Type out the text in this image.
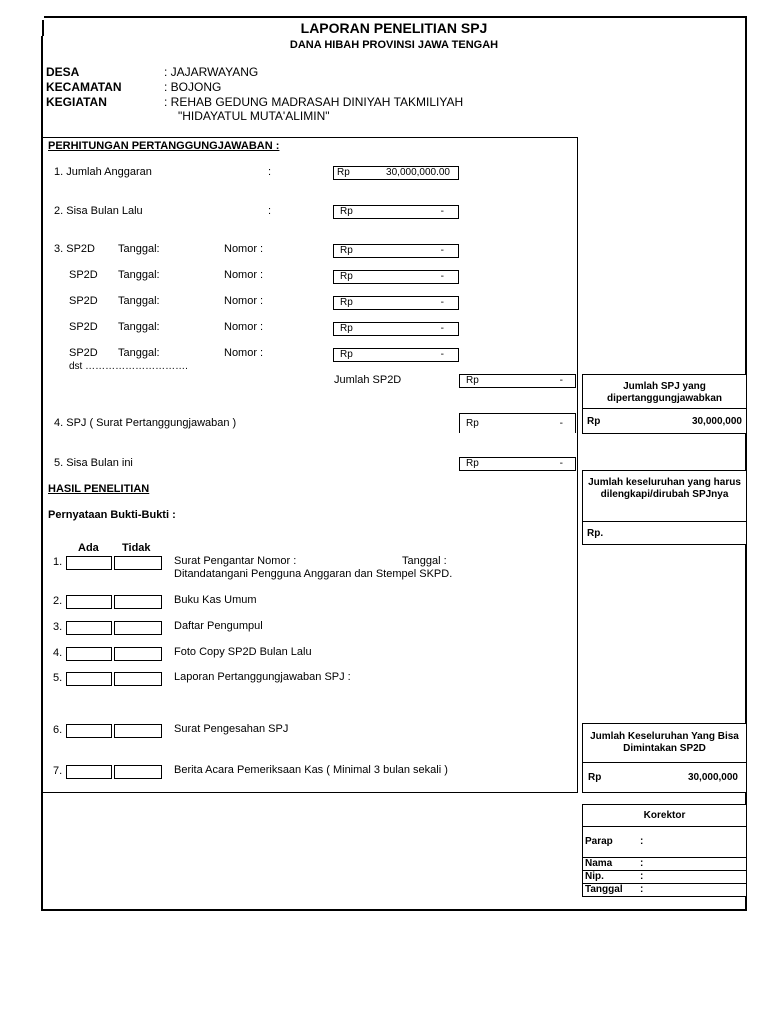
LAPORAN PENELITIAN SPJ
DANA HIBAH PROVINSI JAWA TENGAH
DESA	: JAJARWAYANG
KECAMATAN	: BOJONG
KEGIATAN	: REHAB GEDUNG MADRASAH DINIYAH TAKMILIYAH
"HIDAYATUL MUTA'ALIMIN"
PERHITUNGAN PERTANGGUNGJAWABAN :
1. Jumlah Anggaran	:	Rp	30,000,000.00
2. Sisa Bulan Lalu	:	Rp	-
3. SP2D Tanggal:	Nomor :	Rp	-
SP2D Tanggal:	Nomor :	Rp	-
SP2D Tanggal:	Nomor :	Rp	-
SP2D Tanggal:	Nomor :	Rp	-
SP2D Tanggal:	Nomor :	Rp	-
dst ………………………….
Jumlah SP2D	Rp	-
4. SPJ ( Surat Pertanggungjawaban )	Rp	-
5. Sisa Bulan ini	Rp	-
HASIL PENELITIAN
Pernyataan Bukti-Bukti :
Ada Tidak
1.	Surat Pengantar Nomor :	Tanggal :
Ditandatangani Pengguna Anggaran dan Stempel SKPD.
2.	Buku Kas Umum
3.	Daftar Pengumpul
4.	Foto Copy SP2D Bulan Lalu
5.	Laporan Pertanggungjawaban SPJ :
6.	Surat Pengesahan SPJ
7.	Berita Acara Pemeriksaan Kas ( Minimal 3 bulan sekali )
Jumlah SPJ yang dipertanggungjawabkan
Rp	30,000,000
Jumlah keseluruhan yang harus dilengkapi/dirubah SPJnya
Rp.
Jumlah Keseluruhan Yang Bisa Dimintakan SP2D
Rp	30,000,000
Korektor
Parap	:
Nama	:
Nip.	:
Tanggal :
